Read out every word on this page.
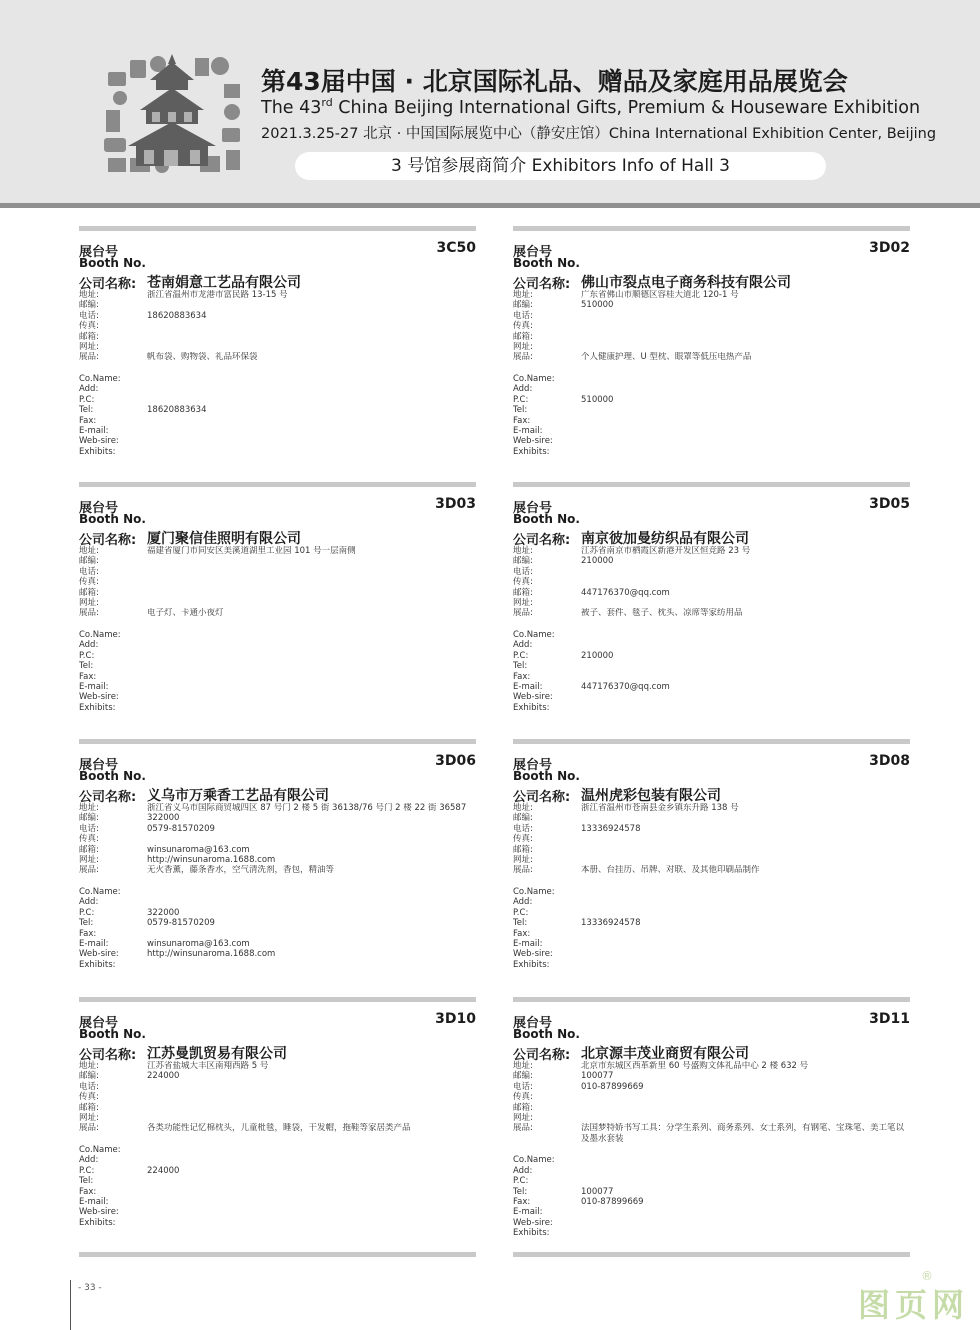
第43届中国 · 北京国际礼品、赠品及家庭用品展览会
The 43rd China Beijing International Gifts, Premium & Houseware Exhibition
2021.3.25-27 北京 · 中国国际展览中心（静安庄馆）China International Exhibition Center, Beijing
3 号馆参展商简介 Exhibitors Info of Hall 3
展台号
Booth No.
3C50
公司名称: 苍南娟意工艺品有限公司
地址:	浙江省温州市龙港市富民路 13-15 号
邮编:
电话:	18620883634
传真:
邮箱:
网址:
展品:	帆布袋、购物袋、礼品环保袋
Co.Name:
Add:
P.C:
Tel:	18620883634
Fax:
E-mail:
Web-sire:
Exhibits:
展台号
Booth No.
3D02
公司名称: 佛山市裂点电子商务科技有限公司
地址:	广东省佛山市顺德区容桂大道北 120-1 号
邮编:	510000
电话:
传真:
邮箱:
网址:
展品:	个人健康护理、U 型枕、眼罩等低压电热产品
Co.Name:
Add:
P.C:	510000
Tel:
Fax:
E-mail:
Web-sire:
Exhibits:
展台号
Booth No.
3D03
公司名称: 厦门聚信佳照明有限公司
地址:	福建省厦门市同安区美溪道湖里工业园 101 号一层南侧
邮编:
电话:
传真:
邮箱:
网址:
展品:	电子灯、卡通小夜灯
Co.Name:
Add:
P.C:
Tel:
Fax:
E-mail:
Web-sire:
Exhibits:
展台号
Booth No.
3D05
公司名称: 南京彼加曼纺织品有限公司
地址:	江苏省南京市栖霞区新港开发区恒竞路 23 号
邮编:	210000
电话:
传真:
邮箱:	447176370@qq.com
网址:
展品:	被子、套件、毯子、枕头、凉席等家纺用品
Co.Name:
Add:
P.C:	210000
Tel:
Fax:
E-mail:	447176370@qq.com
Web-sire:
Exhibits:
展台号
Booth No.
3D06
公司名称: 义乌市万乘香工艺品有限公司
地址:	浙江省义乌市国际商贸城四区 87 号门 2 楼 5 街 36138/76 号门 2 楼 22 街 36587
邮编:	322000
电话:	0579-81570209
传真:
邮箱:	winsunaroma@163.com
网址:	http://winsunaroma.1688.com
展品:	无火香薰，藤条香水，空气清洗剂，香包，精油等
Co.Name:
Add:
P.C:	322000
Tel:	0579-81570209
Fax:
E-mail:	winsunaroma@163.com
Web-sire:	http://winsunaroma.1688.com
Exhibits:
展台号
Booth No.
3D08
公司名称: 温州虎彩包装有限公司
地址:	浙江省温州市苍南县金乡镇东升路 138 号
邮编:
电话:	13336924578
传真:
邮箱:
网址:
展品:	本册、台挂历、吊牌、对联、及其他印刷品制作
Co.Name:
Add:
P.C:
Tel:	13336924578
Fax:
E-mail:
Web-sire:
Exhibits:
展台号
Booth No.
3D10
公司名称: 江苏曼凯贸易有限公司
地址:	江苏省盐城大丰区南翔西路 5 号
邮编:	224000
电话:
传真:
邮箱:
网址:
展品:	各类功能性记忆棉枕头，儿童枇毯，睡袋，干发帽，拖鞋等家居类产品
Co.Name:
Add:
P.C:	224000
Tel:
Fax:
E-mail:
Web-sire:
Exhibits:
展台号
Booth No.
3D11
公司名称: 北京源丰茂业商贸有限公司
地址:	北京市东城区西革新里 60 号盛购文体礼品中心 2 楼 632 号
邮编:	100077
电话:	010-87899669
传真:
邮箱:
网址:
展品:	法国梦特娇书写工具：分学生系列、商务系列、女士系列，有钢笔、宝珠笔、美工笔以及墨水套装
Co.Name:
Add:
P.C:
Tel:	100077
Fax:	010-87899669
E-mail:
Web-sire:
Exhibits:
- 33 -	图页网
®
